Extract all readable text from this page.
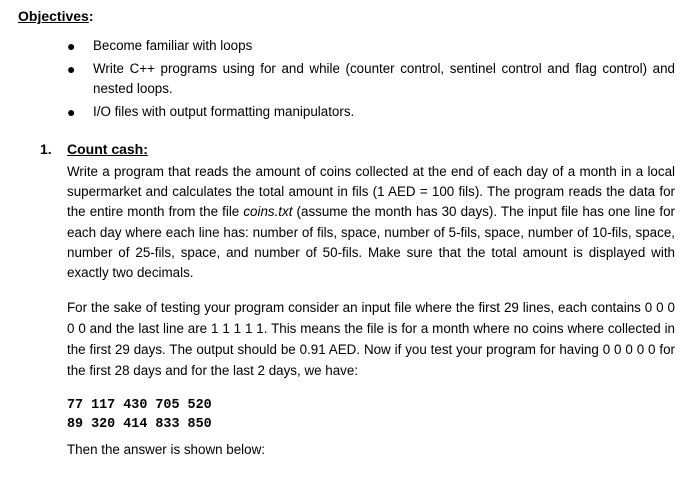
Objectives:
● Become familiar with loops
● Write C++ programs using for and while (counter control, sentinel control and flag control) and nested loops.
● I/O files with output formatting manipulators.
1. Count cash:

Write a program that reads the amount of coins collected at the end of each day of a month in a local supermarket and calculates the total amount in fils (1 AED = 100 fils). The program reads the data for the entire month from the file coins.txt (assume the month has 30 days). The input file has one line for each day where each line has: number of fils, space, number of 5-fils, space, number of 10-fils, space, number of 25-fils, space, and number of 50-fils. Make sure that the total amount is displayed with exactly two decimals.

For the sake of testing your program consider an input file where the first 29 lines, each contains 0 0 0 0 0 and the last line are 1 1 1 1 1. This means the file is for a month where no coins where collected in the first 29 days. The output should be 0.91 AED. Now if you test your program for having 0 0 0 0 0 for the first 28 days and for the last 2 days, we have:

77 117 430 705 520
89 320 414 833 850
Then the answer is shown below:
